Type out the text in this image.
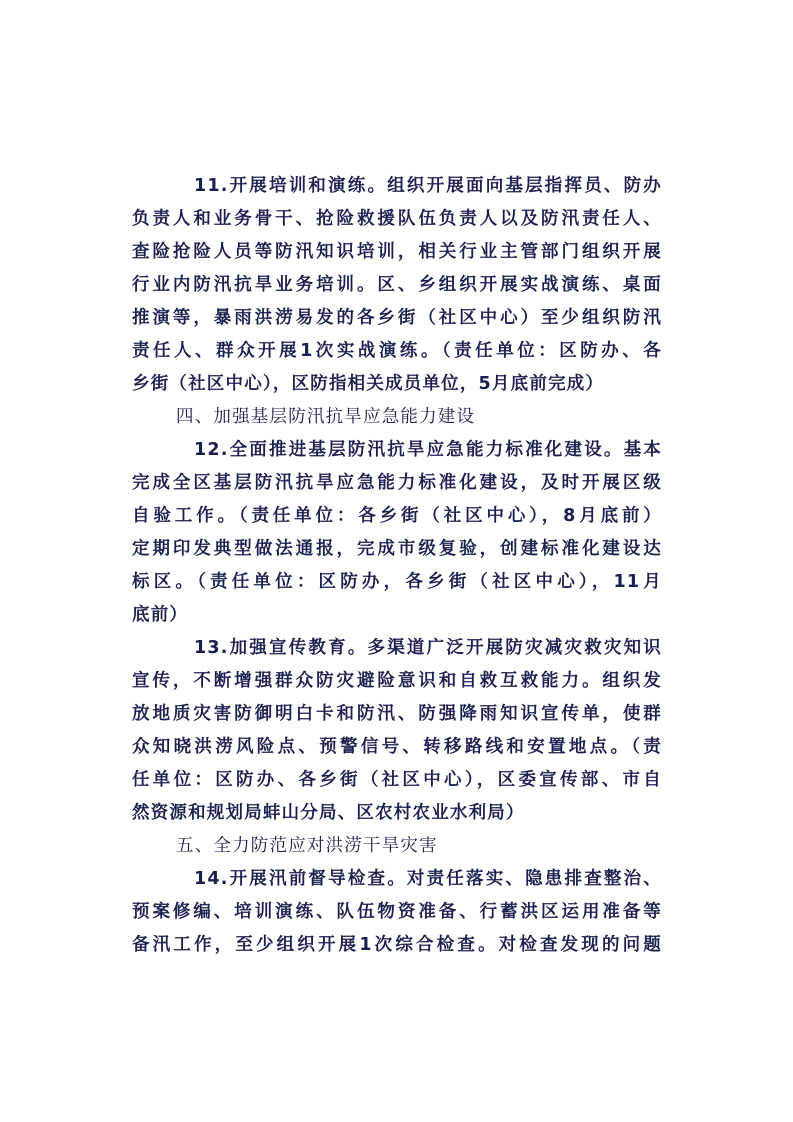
11.开展培训和演练。组织开展面向基层指挥员、防办
负责人和业务骨干、抢险救援队伍负责人以及防汛责任人、
查险抢险人员等防汛知识培训，相关行业主管部门组织开展
行业内防汛抗旱业务培训。区、乡组织开展实战演练、桌面
推演等，暴雨洪涝易发的各乡街（社区中心）至少组织防汛
责任人、群众开展1次实战演练。（责任单位：区防办、各
乡街（社区中心），区防指相关成员单位，5月底前完成）
四、加强基层防汛抗旱应急能力建设
12.全面推进基层防汛抗旱应急能力标准化建设。基本
完成全区基层防汛抗旱应急能力标准化建设，及时开展区级
自验工作。（责任单位：各乡街（社区中心），8月底前）
定期印发典型做法通报，完成市级复验，创建标准化建设达
标区。（责任单位：区防办，各乡街（社区中心），11月
底前）
13.加强宣传教育。多渠道广泛开展防灾减灾救灾知识
宣传，不断增强群众防灾避险意识和自救互救能力。组织发
放地质灾害防御明白卡和防汛、防强降雨知识宣传单，使群
众知晓洪涝风险点、预警信号、转移路线和安置地点。（责
任单位：区防办、各乡街（社区中心），区委宣传部、市自
然资源和规划局蚌山分局、区农村农业水利局）
五、全力防范应对洪涝干旱灾害
14.开展汛前督导检查。对责任落实、隐患排查整治、
预案修编、培训演练、队伍物资准备、行蓄洪区运用准备等
备汛工作，至少组织开展1次综合检查。对检查发现的问题
